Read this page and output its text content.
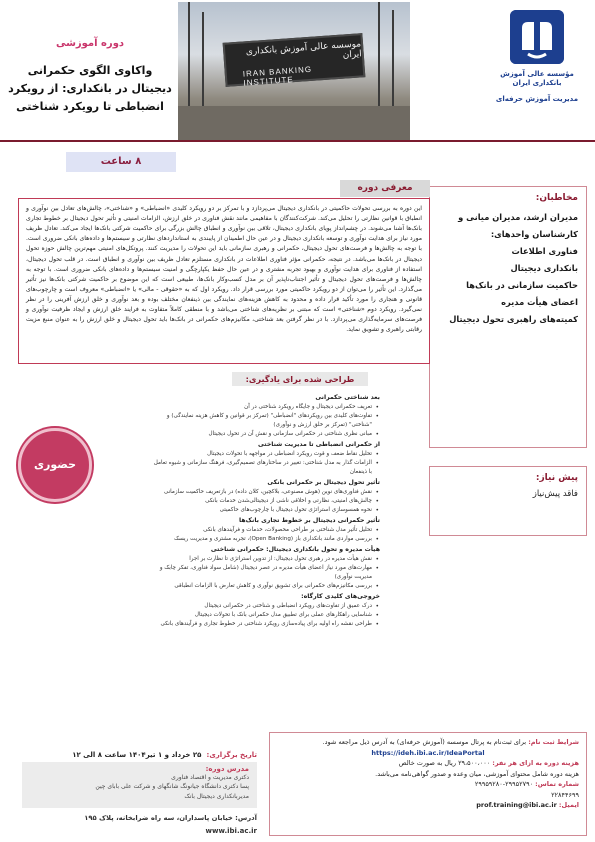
مؤسسه عالی آموزش بانکداری ایران
مدیریت آموزش حرفه‌ای
موسسه عالی آموزش بانکداری ایران
IRAN BANKING INSTITUTE
دوره آموزشی
واکاوی الگوی حکمرانی دیجیتال در بانکداری: از رویکرد انضباطی تا رویکرد شناختی
۸ ساعت
مخاطبان:
مدیران ارشد، مدیران میانی و
کارشناسان واحدهای:
فناوری اطلاعات
بانکداری دیجیتال
حاکمیت سازمانی در بانک‌ها
اعضای هیأت مدیره
کمیته‌های راهبری تحول دیجیتال
پیش نیاز:
فاقد پیش‌نیاز
معرفی دوره

این دوره به بررسی تحولات حاکمیتی در بانکداری دیجیتال می‌پردازد و با تمرکز بر دو رویکرد کلیدی «انضباطی» و «شناختی»، چالش‌های تعادل بین نوآوری و انطباق با قوانین نظارتی را تحلیل می‌کند. شرکت‌کنندگان با مفاهیمی مانند نقش فناوری در خلق ارزش، الزامات امنیتی و تأثیر تحول دیجیتال بر خطوط تجاری بانک‌ها آشنا می‌شوند. در چشم‌انداز پویای بانکداری دیجیتال، تلاقی بین نوآوری و انطباق چالش بزرگی برای حاکمیت شرکتی بانک‌ها ایجاد می‌کند. تعادل ظریف مورد نیاز برای هدایت نوآوری و توسعه بانکداری دیجیتال و در عین حال اطمینان از پایبندی به استانداردهای نظارتی و سیستم‌ها و داده‌های بانکی ضروری است. با توجه به چالش‌ها و فرصت‌های تحول دیجیتال، حکمرانی و رهبری سازمانی باید این تحولات را مدیریت کنند. پروتکل‌های امنیتی مهم‌ترین چالش حوزه تحول دیجیتال در بانک‌ها می‌باشد. در نتیجه، حکمرانی مؤثر فناوری اطلاعات در بانکداری مستلزم تعادل ظریف بین نوآوری و انطباق است. در قلب تحول دیجیتال، استفاده از فناوری برای هدایت نوآوری و بهبود تجربه مشتری و در عین حال حفظ یکپارچگی و امنیت سیستم‌ها و داده‌های بانکی ضروری است. با توجه به چالش‌ها و فرصت‌های تحول دیجیتال و تأثیر اجتناب‌ناپذیر آن بر مدل کسب‌وکار بانک‌ها، طبیعی است که این موضوع بر حاکمیت شرکتی بانک‌ها نیز تأثیر می‌گذارد. این تأثیر را می‌توان از دو رویکرد حاکمیتی مورد بررسی قرار داد. رویکرد اول که به «حقوقی - مالی» یا «انضباطی» معروف است و چارچوب‌های قانونی و هنجاری را مورد تأکید قرار داده و محدود به کاهش هزینه‌های نمایندگی بین ذینفعان مختلف بوده و بعد نوآوری و خلق ارزش آفرینی را در نظر نمی‌گیرد. رویکرد دوم «شناختی» است که مبتنی بر نظریه‌های شناختی می‌باشد و با منطقی کاملاً متفاوت به فرایند خلق ارزش و ایجاد ظرفیت نوآوری و فرصت‌های سرمایه‌گذاری می‌پردازد. با در نظر گرفتن بعد شناختی، مکانیزم‌های حکمرانی در بانک‌ها باید تحول دیجیتال و خلق ارزش را به عنوان منبع مزیت رقابتی راهبری و تشویق نماید.

طراحی شده برای یادگیری:
بعد شناختی حکمرانی
• تعریف حکمرانی دیجیتال و جایگاه رویکرد شناختی در آن
• تفاوت‌های کلیدی بین رویکردهای "انضباطی" (تمرکز بر قوانین و کاهش هزینه نمایندگی) و "شناختی" (تمرکز بر خلق ارزش و نوآوری)
• مبانی نظری شناختی در حکمرانی سازمانی و نقش آن در تحول دیجیتال
از حکمرانی انضباطی تا مدیریت شناختی
• تحلیل نقاط ضعف و قوت رویکرد انضباطی در مواجهه با تحولات دیجیتال
• الزامات گذار به مدل شناختی: تغییر در ساختارهای تصمیم‌گیری، فرهنگ سازمانی و شیوه تعامل با ذینفعان
تأثیر تحول دیجیتال بر حکمرانی بانکی
• نقش فناوری‌های نوین (هوش مصنوعی، بلاکچین، کلان داده) در بازتعریف حاکمیت سازمانی
• چالش‌های امنیتی، نظارتی و اخلاقی ناشی از دیجیتالی‌شدن خدمات بانکی
• نحوه همسوسازی استراتژی تحول دیجیتال با چارچوب‌های حاکمیتی
تأثیر حکمرانی دیجیتال بر خطوط تجاری بانک‌ها
• تحلیل تأثیر مدل شناختی بر طراحی محصولات، خدمات و فرآیندهای بانکی
• بررسی مواردی مانند بانکداری باز (Open Banking)، تجربه مشتری و مدیریت ریسک
هیأت مدیره و تحول بانکداری دیجیتال: حکمرانی شناختی
• نقش هیأت مدیره در رهبری تحول دیجیتال: از تدوین استراتژی تا نظارت بر اجرا
• مهارت‌های مورد نیاز اعضای هیأت مدیره در عصر دیجیتال (شامل سواد فناوری، تفکر چابک و مدیریت نوآوری)
• بررسی مکانیزم‌های حکمرانی برای تشویق نوآوری و کاهش تعارض با الزامات انطباقی
خروجی‌های کلیدی کارگاه:
• درک عمیق از تفاوت‌های رویکرد انضباطی و شناختی در حکمرانی دیجیتال
• شناسایی راهکارهای عملی برای تطبیق مدل حکمرانی بانک با تحولات دیجیتال
• طراحی نقشه راه اولیه برای پیاده‌سازی رویکرد شناختی در خطوط تجاری و فرآیندهای بانکی
حضوری
شرایط ثبت نام: برای ثبت‌نام به پرتال موسسه (آموزش حرفه‌ای) به آدرس ذیل مراجعه شود.
https://ideh.ibi.ac.ir/IdeaPortal
هزینه دوره به ازای هر نفر: ۲۹،۵۰۰،۰۰۰ ریال به صورت خالص
هزینه دوره شامل محتوای آموزشی، میان وعده و صدور گواهی‌نامه می‌باشد.
شماره تماس: ۲۹۹۵۲۷۹۰-۲۹۹۵۹۲۸۰
۲۲۸۴۴۶۹۹
ایمیل: prof.training@ibi.ac.ir
تاریخ برگزاری: ۲۵ خرداد و ۱ تیر۱۴۰۴ ساعت ۸ الی ۱۲
مدرس دوره:
دکتری مدیریت و اقتصاد فناوری
پسا دکتری دانشگاه جیانونگ شانگهای و شرکت علی بابای چین
مدیربانکداری دیجیتال بانک
آدرس: خیابان پاسداران، سه راه ضرابخانه، پلاک ۱۹۵
www.ibi.ac.ir
